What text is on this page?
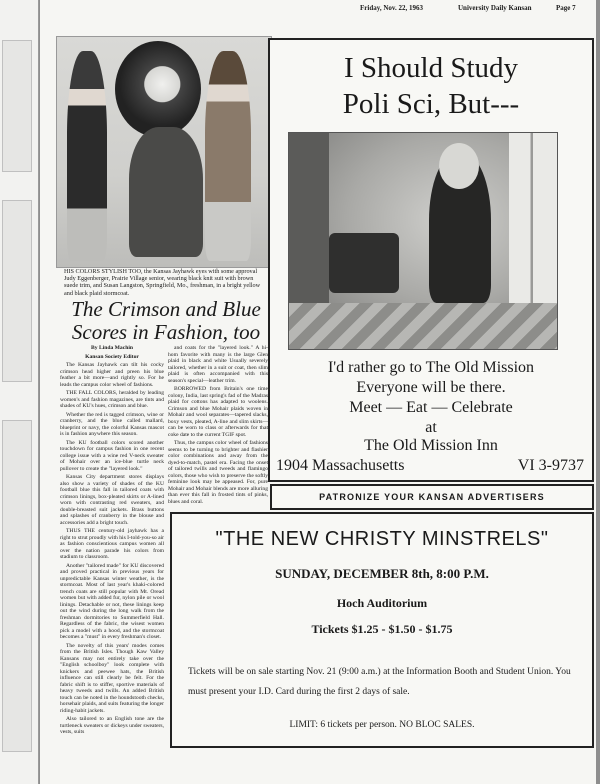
Friday, Nov. 22, 1963	University Daily Kansan	Page 7
HIS COLORS STYLISH TOO, the Kansas Jayhawk eyes with some approval Judy Eggenberger, Prairie Village senior, wearing black knit suit with brown suede trim, and Susan Langston, Springfield, Mo., freshman, in a bright yellow and black plaid stormcoat.
The Crimson and Blue Scores in Fashion, too

By Linda Machin

Kansan Society Editor

The Kansas Jayhawk can tilt his cocky crimson head higher and preen his blue feather a bit more—and rightly so. For he leads the campus color wheel of fashions.

THE FALL COLORS, heralded by leading women's and fashion magazines, are tints and shades of KU's hues, crimson and blue.

Whether the red is tagged crimson, wine or cranberry, and the blue called mallard, blueprint or navy, the colorful Kansas mascot is in fashion anywhere this season.

The KU football colors scored another touchdown for campus fashion in one recent college issue with a wine red V-neck sweater of Mohair over an ice-blue turtle neck pullover to create the "layered look."

Kansas City department stores displays also show a variety of shades of the KU football blue this fall in tailored coats with crimson linings, box-pleated skirts or A-lined worn with contrasting red sweaters, and double-breasted suit jackets. Brass buttons and splashes of cranberry in the blouse and accessories add a bright touch.

THUS THE century-old jayhawk has a right to strut proudly with his I-told-you-so air as fashion conscientious campus women all over the nation parade his colors from stadium to classroom.

Another "tailored made" for KU discovered and proved practical in previous years for unpredictable Kansas winter weather, is the stormcoat. Most of last year's khaki-colored trench coats are still popular with Mt. Oread women but with added fur, nylon pile or wool linings. Detachable or not, these linings keep out the wind during the long walk from the freshman dormitories to Summerfield Hall. Regardless of the fabric, the wisest women pick a model with a hood, and the stormcoat becomes a "must" in every freshman's closet.

The novelty of this years' modes comes from the British Isles. Though Kaw Valley Kansans may not entirely take over the "English schoolboy" look complete with knickers and peewee hats, the British influence can still clearly be felt. For the fabric shift is to stiffer, sportive materials of heavy tweeds and twills. An added British touch can be noted in the houndstooth checks, horsehair plaids, and suits featuring the longer riding-habit jackets.

Also tailored to an English tone are the turtleneck sweaters or dickeys under sweaters, vests, suits

and coats for the "layered look." A hi-hom favorite with many is the large Glen plaid in black and white Usually severely tailored, whether in a suit or coat, then slim plaid is often accompanied with this season's special—leather trim.

BORROWED from Britain's one time colony, India, last spring's fad of the Madras plaid for cottons has adapted to woolens. Crimson and blue Mohair plaids woven in Mohair and wool separates—tapered slacks, boxy vests, pleated, A-line and slim skirts—can be worn to class or afterwards for that coke date to the current TGIF spot.

Thus, the campus color wheel of fashions seems to be turning to brighter and flashier color combinations and away from the dyed-to-match, pastel era. Facing the onset of tailored twills and tweeds and flamingo colors, those who wish to preserve the softly feminine look may be appeased. For, pure Mohair and Mohair blends are more alluring than ever this fall in frosted tints of pinks, blues and coral.

I Should Study
Poli Sci, But---
I'd rather go to The Old Mission
Everyone will be there.
Meet — Eat — Celebrate
at
The Old Mission Inn
1904 Massachusetts	VI 3-9737
PATRONIZE YOUR KANSAN ADVERTISERS
"THE NEW CHRISTY MINSTRELS"
SUNDAY, DECEMBER 8th, 8:00 P.M.
Hoch Auditorium
Tickets $1.25 - $1.50 - $1.75
Tickets will be on sale starting Nov. 21 (9:00 a.m.) at the Information Booth and Student Union. You must present your I.D. Card during the first 2 days of sale.
LIMIT: 6 tickets per person. NO BLOC SALES.
